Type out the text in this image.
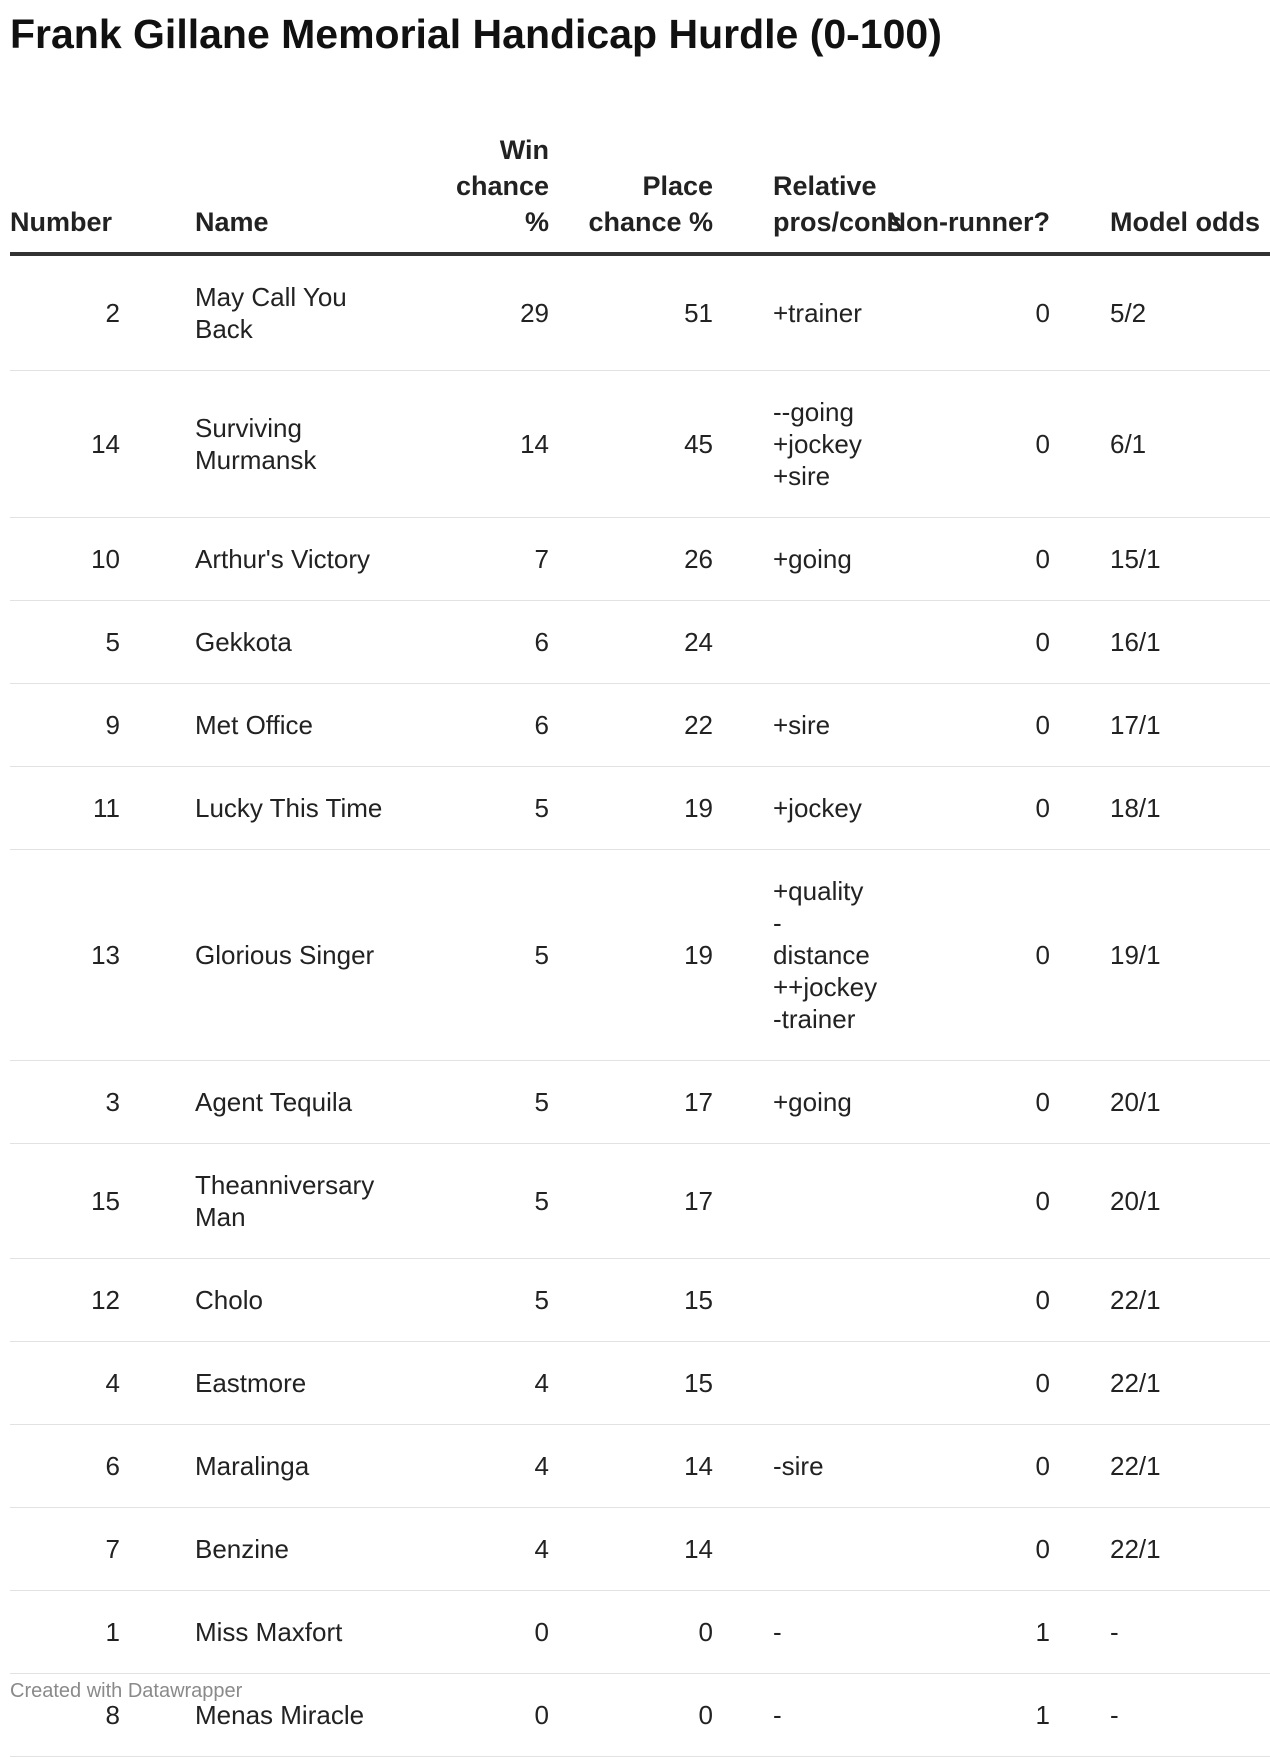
Frank Gillane Memorial Handicap Hurdle (0-100)
Number	Name	Win chance %	Place chance %	Relative pros/cons	Non-runner?	Model odds
2	May Call You Back	29	51	+trainer	0	5/2
14	Surviving Murmansk	14	45	--going
+jockey
+sire	0	6/1
10	Arthur's Victory	7	26	+going	0	15/1
5	Gekkota	6	24		0	16/1
9	Met Office	6	22	+sire	0	17/1
11	Lucky This Time	5	19	+jockey	0	18/1
13	Glorious Singer	5	19	+quality
-distance
++jockey
-trainer	0	19/1
3	Agent Tequila	5	17	+going	0	20/1
15	Theanniversary Man	5	17		0	20/1
12	Cholo	5	15		0	22/1
4	Eastmore	4	15		0	22/1
6	Maralinga	4	14	-sire	0	22/1
7	Benzine	4	14		0	22/1
1	Miss Maxfort	0	0	-	1	-
8	Menas Miracle	0	0	-	1	-
Created with Datawrapper
